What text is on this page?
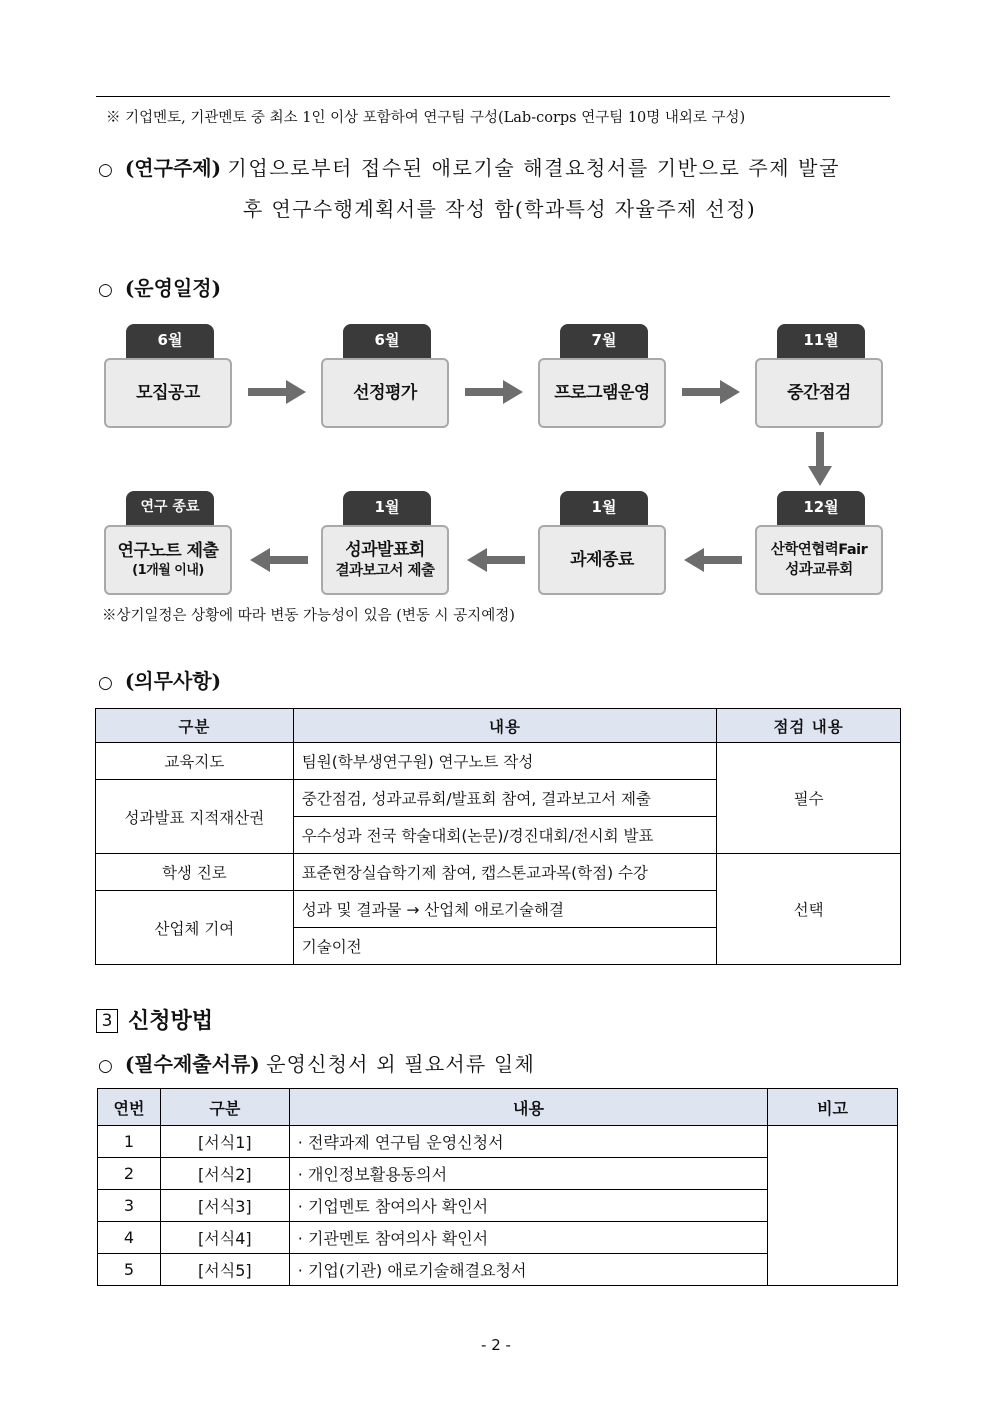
※ 기업멘토, 기관멘토 중 최소 1인 이상 포함하여 연구팀 구성(Lab-corps 연구팀 10명 내외로 구성)
○ (연구주제) 기업으로부터 접수된 애로기술 해결요청서를 기반으로 주제 발굴
후 연구수행계획서를 작성 함(학과특성 자율주제 선정)
○ (운영일정)
6월
모집공고
6월
선정평가
7월
프로그램운영
11월
중간점검
12월
산학연협력Fair
성과교류회
1월
과제종료
1월
성과발표회
결과보고서 제출
연구 종료
연구노트 제출
(1개월 이내)
※상기일정은 상황에 따라 변동 가능성이 있음 (변동 시 공지예정)
○ (의무사항)
구분	내용	점검 내용
교육지도	팀원(학부생연구원) 연구노트 작성	필수
성과발표 지적재산권	중간점검, 성과교류회/발표회 참여, 결과보고서 제출	
	우수성과 전국 학술대회(논문)/경진대회/전시회 발표	
학생 진로	표준현장실습학기제 참여, 캡스톤교과목(학점) 수강	선택
산업체 기여	성과 및 결과물 → 산업체 애로기술해결	
	기술이전	
3 신청방법
○ (필수제출서류) 운영신청서 외 필요서류 일체
연번	구분	내용	비고
1	[서식1]	· 전략과제 연구팀 운영신청서	
2	[서식2]	· 개인정보활용동의서	
3	[서식3]	· 기업멘토 참여의사 확인서	
4	[서식4]	· 기관멘토 참여의사 확인서	
5	[서식5]	· 기업(기관) 애로기술해결요청서	
- 2 -
